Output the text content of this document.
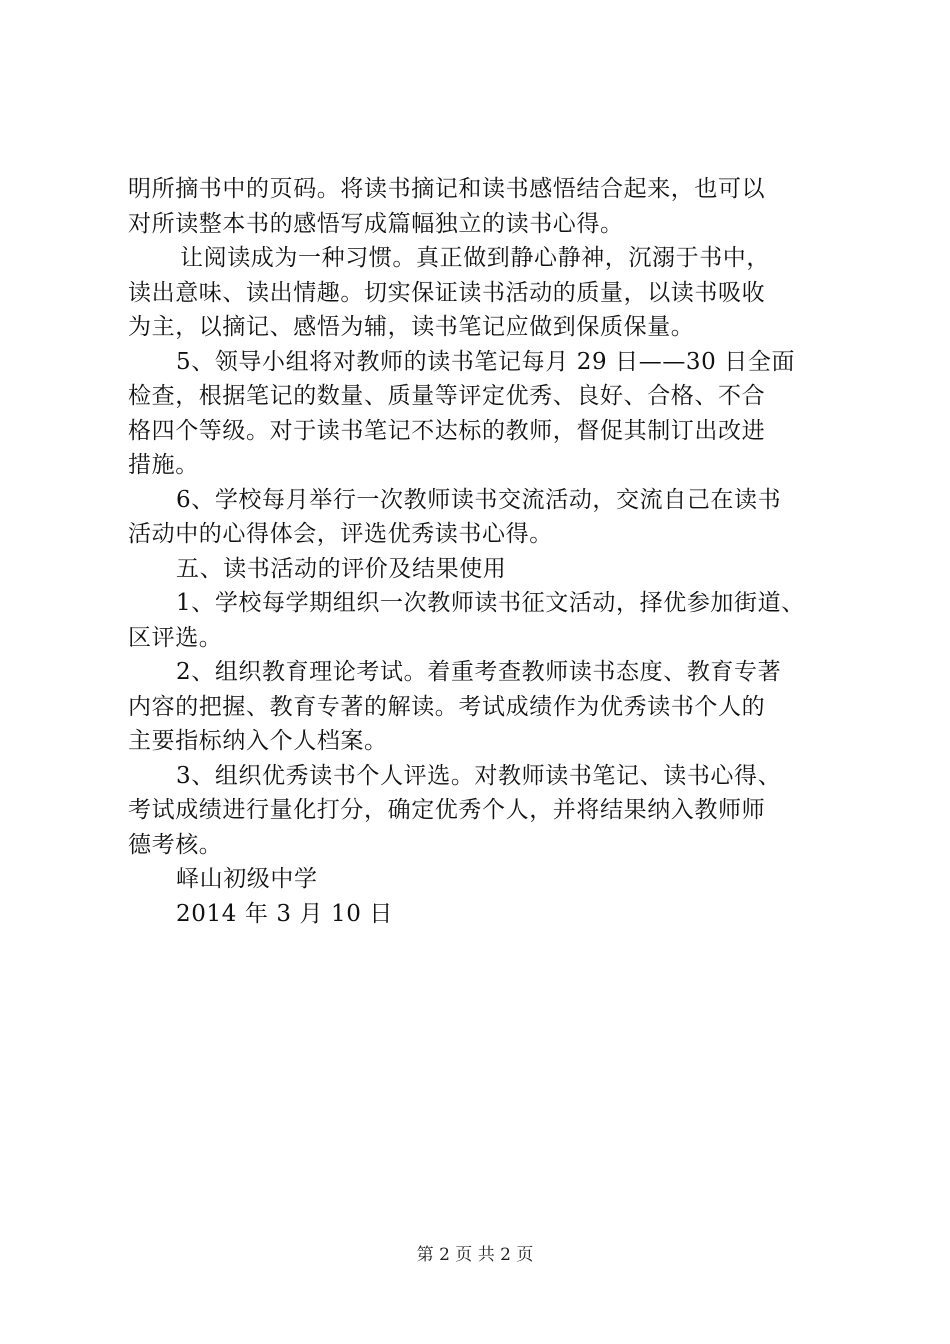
明所摘书中的页码。将读书摘记和读书感悟结合起来，也可以
对所读整本书的感悟写成篇幅独立的读书心得。
让阅读成为一种习惯。真正做到静心静神，沉溺于书中，
读出意味、读出情趣。切实保证读书活动的质量，以读书吸收
为主，以摘记、感悟为辅，读书笔记应做到保质保量。
5、领导小组将对教师的读书笔记每月 29 日——30 日全面
检查，根据笔记的数量、质量等评定优秀、良好、合格、不合
格四个等级。对于读书笔记不达标的教师，督促其制订出改进
措施。
6、学校每月举行一次教师读书交流活动，交流自己在读书
活动中的心得体会，评选优秀读书心得。
五、读书活动的评价及结果使用
1、学校每学期组织一次教师读书征文活动，择优参加街道、
区评选。
2、组织教育理论考试。着重考查教师读书态度、教育专著
内容的把握、教育专著的解读。考试成绩作为优秀读书个人的
主要指标纳入个人档案。
3、组织优秀读书个人评选。对教师读书笔记、读书心得、
考试成绩进行量化打分，确定优秀个人，并将结果纳入教师师
德考核。
峄山初级中学
2014 年 3 月 10 日
第 2 页 共 2 页
